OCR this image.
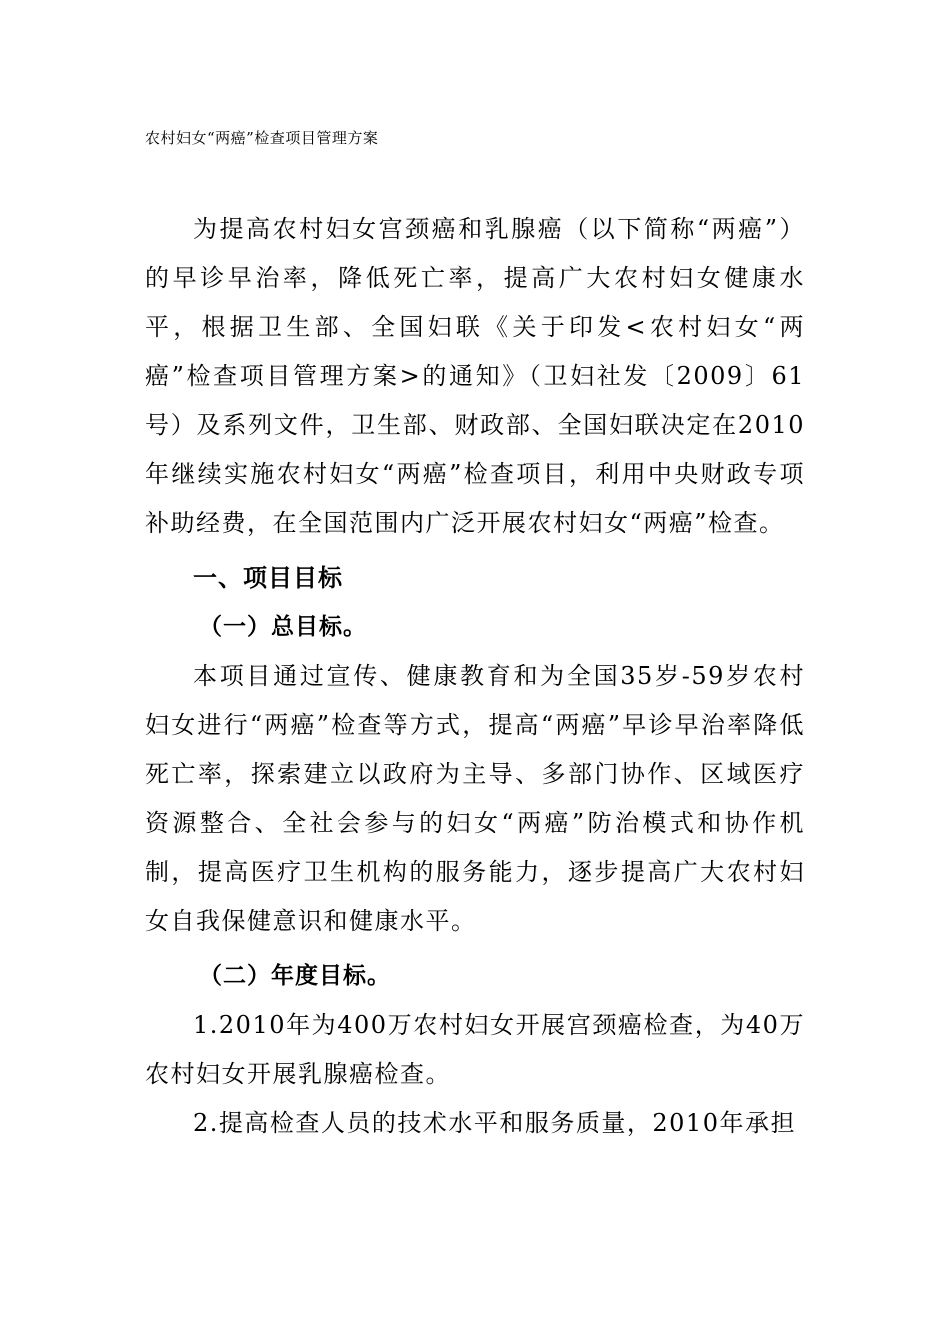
农村妇女“两癌”检查项目管理方案

为提高农村妇女宫颈癌和乳腺癌（以下简称“两癌”）的早诊早治率，降低死亡率，提高广大农村妇女健康水平，根据卫生部、全国妇联《关于印发<农村妇女“两癌”检查项目管理方案>的通知》（卫妇社发〔2009〕61号）及系列文件，卫生部、财政部、全国妇联决定在2010年继续实施农村妇女“两癌”检查项目，利用中央财政专项补助经费，在全国范围内广泛开展农村妇女“两癌”检查。

一、项目目标
（一）总目标。

本项目通过宣传、健康教育和为全国35岁-59岁农村妇女进行“两癌”检查等方式，提高“两癌”早诊早治率降低死亡率，探索建立以政府为主导、多部门协作、区域医疗资源整合、全社会参与的妇女“两癌”防治模式和协作机制，提高医疗卫生机构的服务能力，逐步提高广大农村妇女自我保健意识和健康水平。

（二）年度目标。

1.2010年为400万农村妇女开展宫颈癌检查，为40万农村妇女开展乳腺癌检查。

2.提高检查人员的技术水平和服务质量，2010年承担
